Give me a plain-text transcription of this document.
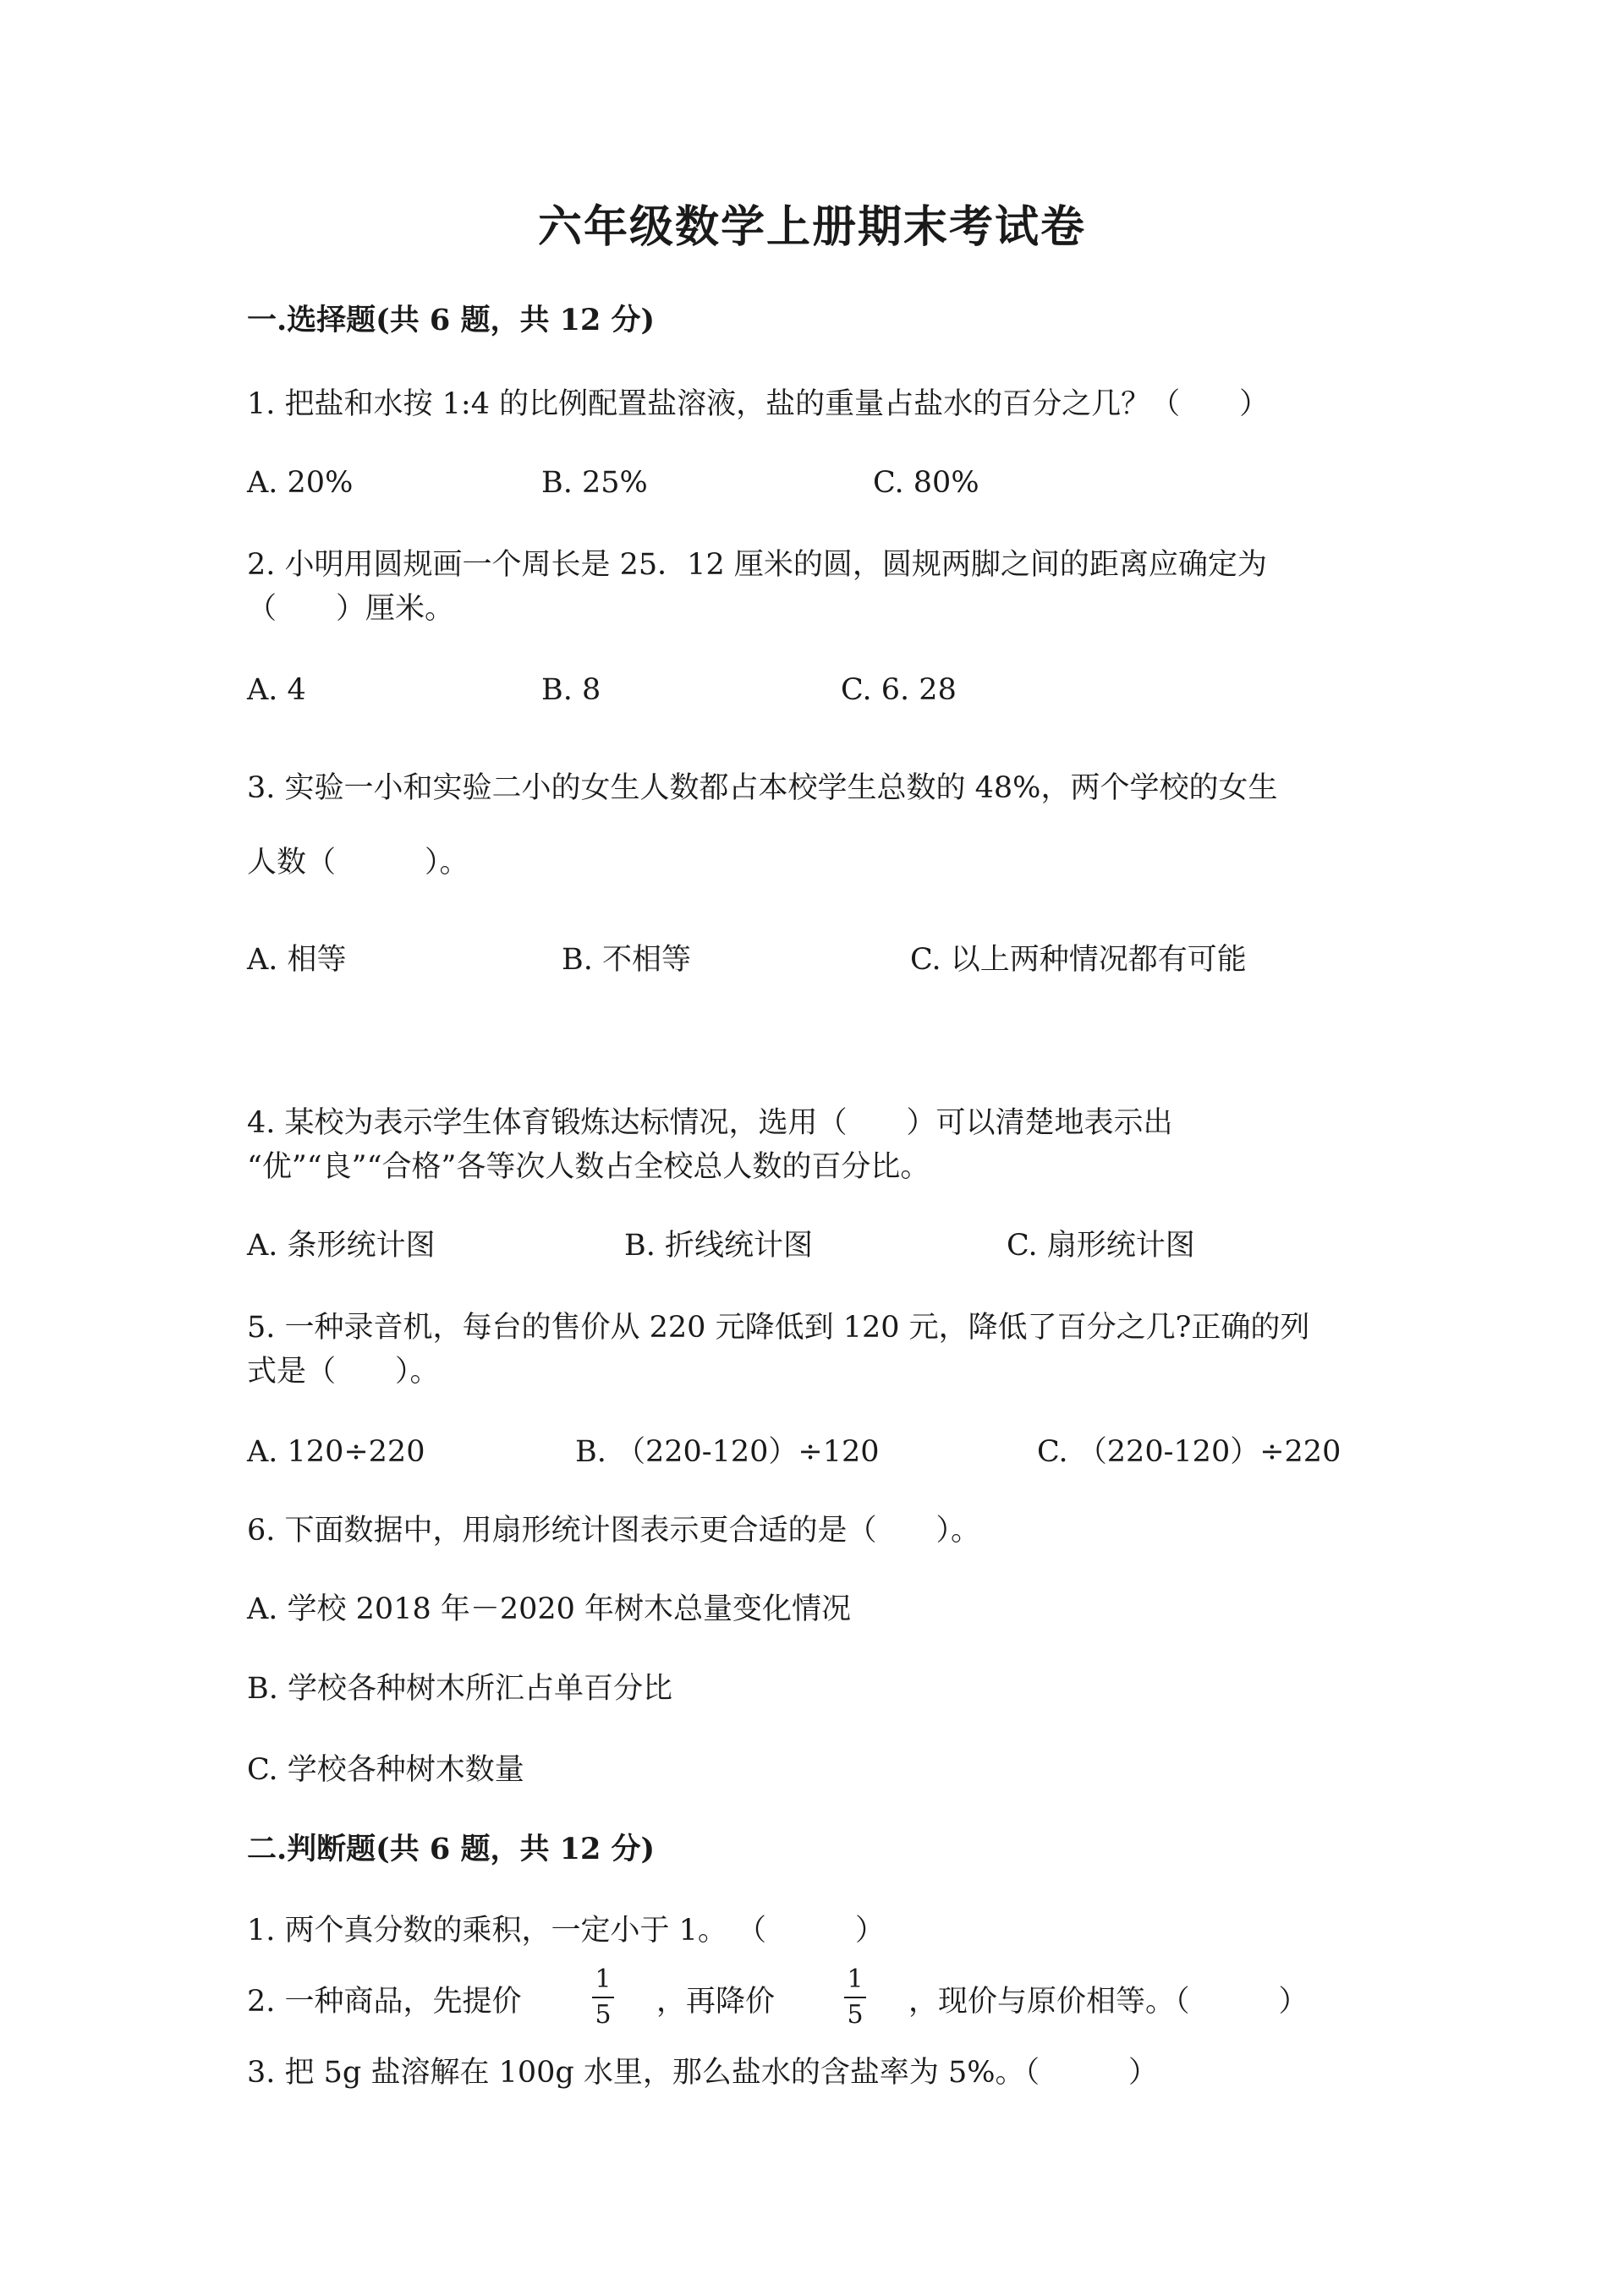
六年级数学上册期末考试卷

一.选择题(共 6 题，共 12 分)

1. 把盐和水按 1:4 的比例配置盐溶液，盐的重量占盐水的百分之几？（　　）

A. 20%	B. 25%	C. 80%

2. 小明用圆规画一个周长是 25．12 厘米的圆，圆规两脚之间的距离应确定为
（　　）厘米。

A. 4	B. 8	C. 6. 28

3. 实验一小和实验二小的女生人数都占本校学生总数的 48%，两个学校的女生
人数（　　　）。

A. 相等	B. 不相等	C. 以上两种情况都有可能

4. 某校为表示学生体育锻炼达标情况，选用（　　）可以清楚地表示出
“优”“良”“合格”各等次人数占全校总人数的百分比。

A. 条形统计图	B. 折线统计图	C. 扇形统计图

5. 一种录音机，每台的售价从 220 元降低到 120 元，降低了百分之几?正确的列
式是（　　）。

A. 120÷220	B. （220-120）÷120	C. （220-120）÷220

6. 下面数据中，用扇形统计图表示更合适的是（　　）。

A. 学校 2018 年－2020 年树木总量变化情况

B. 学校各种树木所汇占单百分比

C. 学校各种树木数量

二.判断题(共 6 题，共 12 分)

1. 两个真分数的乘积，一定小于 1。 （　　　）

2. 一种商品，先提价

1
5 ，再降价

1
5 ，现价与原价相等。（　　　）

3. 把 5g 盐溶解在 100g 水里，那么盐水的含盐率为 5%。（　　　）
